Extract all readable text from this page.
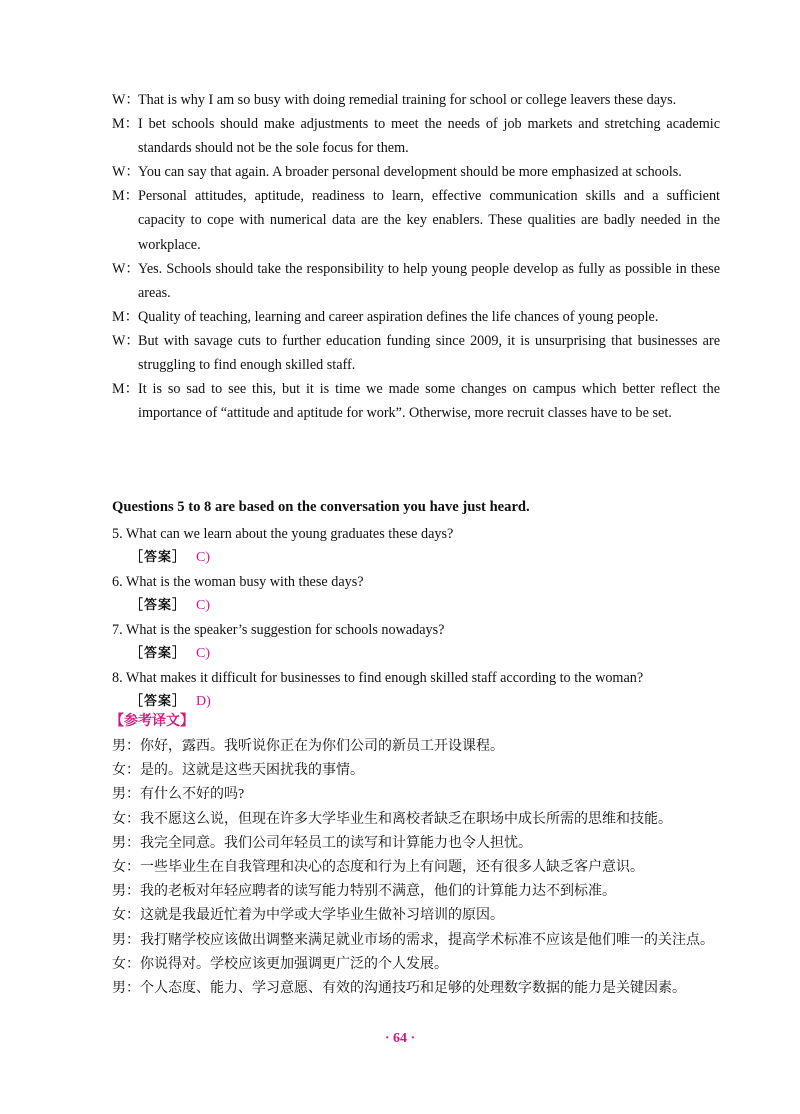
W：
That is why I am so busy with doing remedial training for school or college leavers these days.
M： I bet schools should make adjustments to meet the needs of job markets and stretching academic standards should not be the sole focus for them.
W：
You can say that again. A broader personal development should be more emphasized at schools.
M： Personal attitudes, aptitude, readiness to learn, effective communication skills and a sufficient capacity to cope with numerical data are the key enablers. These qualities are badly needed in the workplace.
W：
Yes. Schools should take the responsibility to help young people develop as fully as possible in these areas.
M： Quality of teaching, learning and career aspiration defines the life chances of young people.
W：
But with savage cuts to further education funding since 2009, it is unsurprising that businesses are struggling to find enough skilled staff.
M： It is so sad to see this, but it is time we made some changes on campus which better reflect the importance of “attitude and aptitude for work”. Otherwise, more recruit classes have to be set.
Questions 5 to 8 are based on the conversation you have just heard.
5. What can we learn about the young graduates these days?
［答案］ C)
6. What is the woman busy with these days?
［答案］ C)
7. What is the speaker’s suggestion for schools nowadays?
［答案］ C)
8. What makes it difficult for businesses to find enough skilled staff according to the woman?
［答案］ D)
【参考译文】
男： 你好，露西。我听说你正在为你们公司的新员工开设课程。
女： 是的。这就是这些天困扰我的事情。
男： 有什么不好的吗?
女： 我不愿这么说，但现在许多大学毕业生和离校者缺乏在职场中成长所需的思维和技能。
男： 我完全同意。我们公司年轻员工的读写和计算能力也令人担忧。
女： 一些毕业生在自我管理和决心的态度和行为上有问题，还有很多人缺乏客户意识。
男： 我的老板对年轻应聘者的读写能力特别不满意，他们的计算能力达不到标准。
女： 这就是我最近忙着为中学或大学毕业生做补习培训的原因。
男： 我打赌学校应该做出调整来满足就业市场的需求，提高学术标准不应该是他们唯一的关注点。
女： 你说得对。学校应该更加强调更广泛的个人发展。
男： 个人态度、能力、学习意愿、有效的沟通技巧和足够的处理数字数据的能力是关键因素。
· 64 ·
